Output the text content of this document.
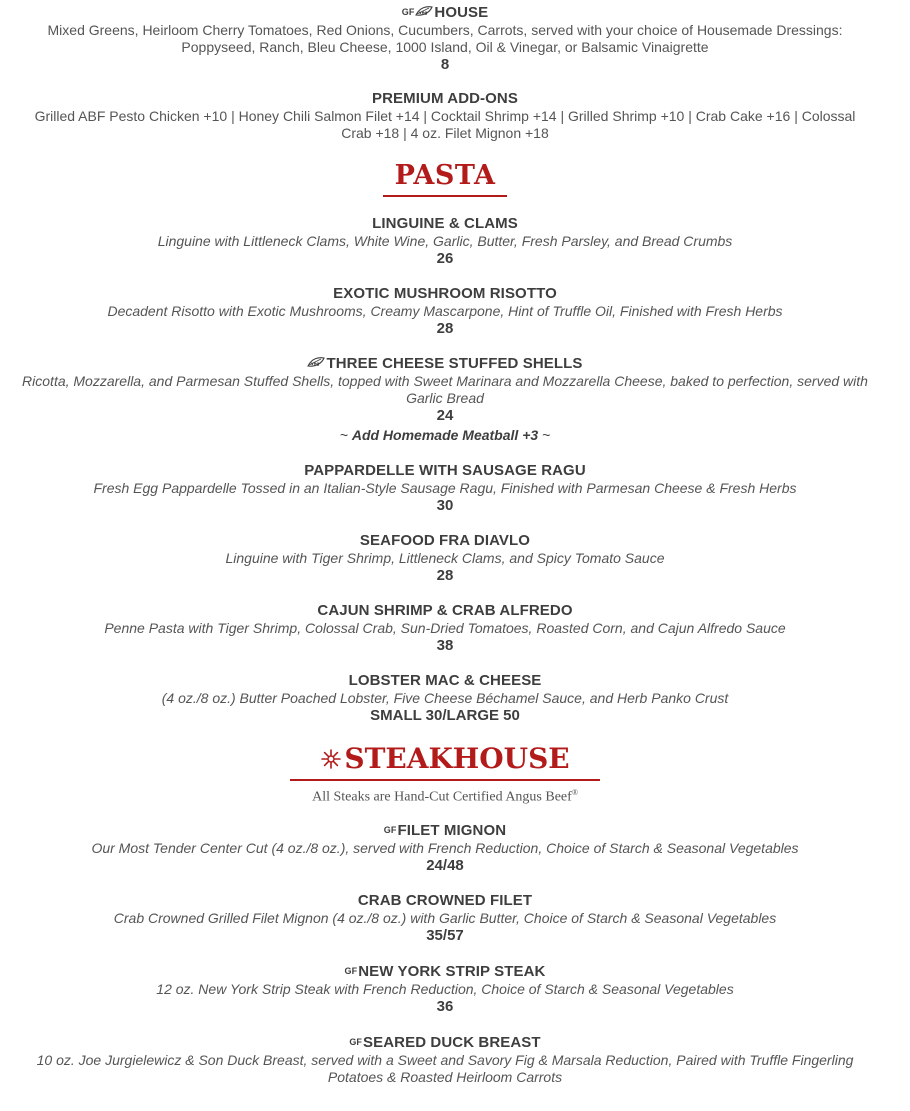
GF veg HOUSE
Mixed Greens, Heirloom Cherry Tomatoes, Red Onions, Cucumbers, Carrots, served with your choice of Housemade Dressings: Poppyseed, Ranch, Bleu Cheese, 1000 Island, Oil & Vinegar, or Balsamic Vinaigrette
8
PREMIUM ADD-ONS
Grilled ABF Pesto Chicken +10 | Honey Chili Salmon Filet +14 | Cocktail Shrimp +14 | Grilled Shrimp +10 | Crab Cake +16 | Colossal Crab +18 | 4 oz. Filet Mignon +18
PASTA
LINGUINE & CLAMS
Linguine with Littleneck Clams, White Wine, Garlic, Butter, Fresh Parsley, and Bread Crumbs
26
EXOTIC MUSHROOM RISOTTO
Decadent Risotto with Exotic Mushrooms, Creamy Mascarpone, Hint of Truffle Oil, Finished with Fresh Herbs
28
veg THREE CHEESE STUFFED SHELLS
Ricotta, Mozzarella, and Parmesan Stuffed Shells, topped with Sweet Marinara and Mozzarella Cheese, baked to perfection, served with Garlic Bread
24
~ Add Homemade Meatball +3 ~
PAPPARDELLE WITH SAUSAGE RAGU
Fresh Egg Pappardelle Tossed in an Italian-Style Sausage Ragu, Finished with Parmesan Cheese & Fresh Herbs
30
SEAFOOD FRA DIAVLO
Linguine with Tiger Shrimp, Littleneck Clams, and Spicy Tomato Sauce
28
CAJUN SHRIMP & CRAB ALFREDO
Penne Pasta with Tiger Shrimp, Colossal Crab, Sun-Dried Tomatoes, Roasted Corn, and Cajun Alfredo Sauce
38
LOBSTER MAC & CHEESE
(4 oz./8 oz.) Butter Poached Lobster, Five Cheese Béchamel Sauce, and Herb Panko Crust
SMALL 30/LARGE 50
STEAKHOUSE
All Steaks are Hand-Cut Certified Angus Beef®
GFFILET MIGNON
Our Most Tender Center Cut (4 oz./8 oz.), served with French Reduction, Choice of Starch & Seasonal Vegetables
24/48
CRAB CROWNED FILET
Crab Crowned Grilled Filet Mignon (4 oz./8 oz.) with Garlic Butter, Choice of Starch & Seasonal Vegetables
35/57
GFNEW YORK STRIP STEAK
12 oz. New York Strip Steak with French Reduction, Choice of Starch & Seasonal Vegetables
36
GFSEARED DUCK BREAST
10 oz. Joe Jurgielewicz & Son Duck Breast, served with a Sweet and Savory Fig & Marsala Reduction, Paired with Truffle Fingerling Potatoes & Roasted Heirloom Carrots
